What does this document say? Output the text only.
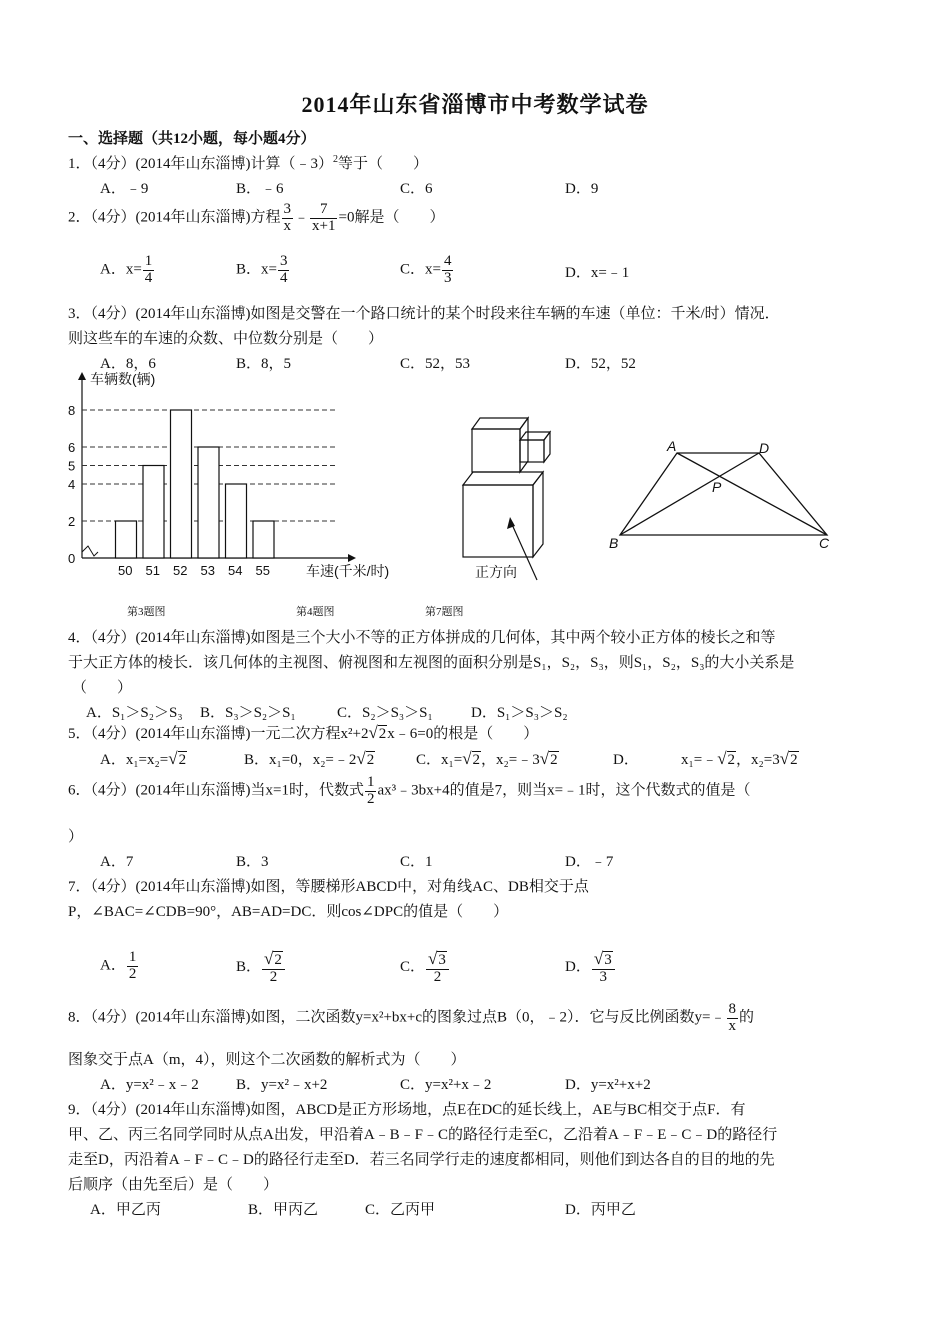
2014年山东省淄博市中考数学试卷
一、选择题（共12小题，每小题4分）
1．（4分）(2014年山东淄博)计算（﹣3）$^2$等于（　　）
A．﹣9	B．﹣6	C．6	D．9
2．（4分）(2014年山东淄博)方程 $\frac{3}{x}$ ﹣ $\frac{7}{x+1} =0$解是（　　）
A．$x= \frac{1}{4}$	B．$x= \frac{3}{4}$	C．$x= \frac{4}{3}$	D．x=﹣1
3．（4分）(2014年山东淄博)如图是交警在一个路口统计的某个时段来往车辆的车速（单位：千米/时）情况．
则这些车的车速的众数、中位数分别是（　　）
A．8，6	B．8，5	C．52，53	D．52，52
0
2
4
5
6
8
车辆数(辆)
车速(千米/时)
50 51 52 53 54 55	正方向
A	D
P
B	C
第3题图	第4题图	第7题图
4．（4分）(2014年山东淄博)如图是三个大小不等的正方体拼成的几何体，其中两个较小正方体的棱长之和等
于大正方体的棱长．该几何体的主视图、俯视图和左视图的面积分别是S₁，S₂，S₃，则S₁，S₂，S₃的大小关系是
（　　）
A．S₁＞S₂＞S₃ B．S₃＞S₂＞S₁	C．S₂＞S₃＞S₁	D．S₁＞S₃＞S₂
5．（4分）(2014年山东淄博)一元二次方程x²+2√2x﹣6=0的根是（　　）
A．x₁=x₂=√2	B．x₁=0，x₂=﹣2√2	C．x₁=√2，x₂=﹣3√2	D．	x₁=﹣√2，x₂=3√2
6．（4分）(2014年山东淄博)当x=1时，代数式 $\frac{1}{2}$ ax³﹣3bx+4的值是7，则当x=﹣1时，这个代数式的值是（
）
A．7	B．3	C．1	D．﹣7
7．（4分）(2014年山东淄博)如图，等腰梯形ABCD中，对角线AC、DB相交于点
P，∠BAC=∠CDB=90°，AB=AD=DC．则cos∠DPC的值是（　　）
A． $\frac{1}{2}$	B． $\frac{√2}{2}$	C． $\frac{√3}{2}$	D． $\frac{√3}{3}$
8．（4分）(2014年山东淄博)如图，二次函数y=x²+bx+c的图象过点B（0，﹣2）．它与反比例函数y=﹣ $\frac{8}{x}$ 的
图象交于点A（m，4），则这个二次函数的解析式为（　　）
A．y=x²﹣x﹣2 B．y=x²﹣x+2	C．y=x²+x﹣2	D．y=x²+x+2
9．（4分）(2014年山东淄博)如图，ABCD是正方形场地，点E在DC的延长线上，AE与BC相交于点F．有
甲、乙、丙三名同学同时从点A出发，甲沿着A﹣B﹣F﹣C的路径行走至C，乙沿着A﹣F﹣E﹣C﹣D的路径行
走至D，丙沿着A﹣F﹣C﹣D的路径行走至D．若三名同学行走的速度都相同，则他们到达各自的目的地的先
后顺序（由先至后）是（　　）
A．甲乙丙	B．甲丙乙	C．乙丙甲	D．丙甲乙
